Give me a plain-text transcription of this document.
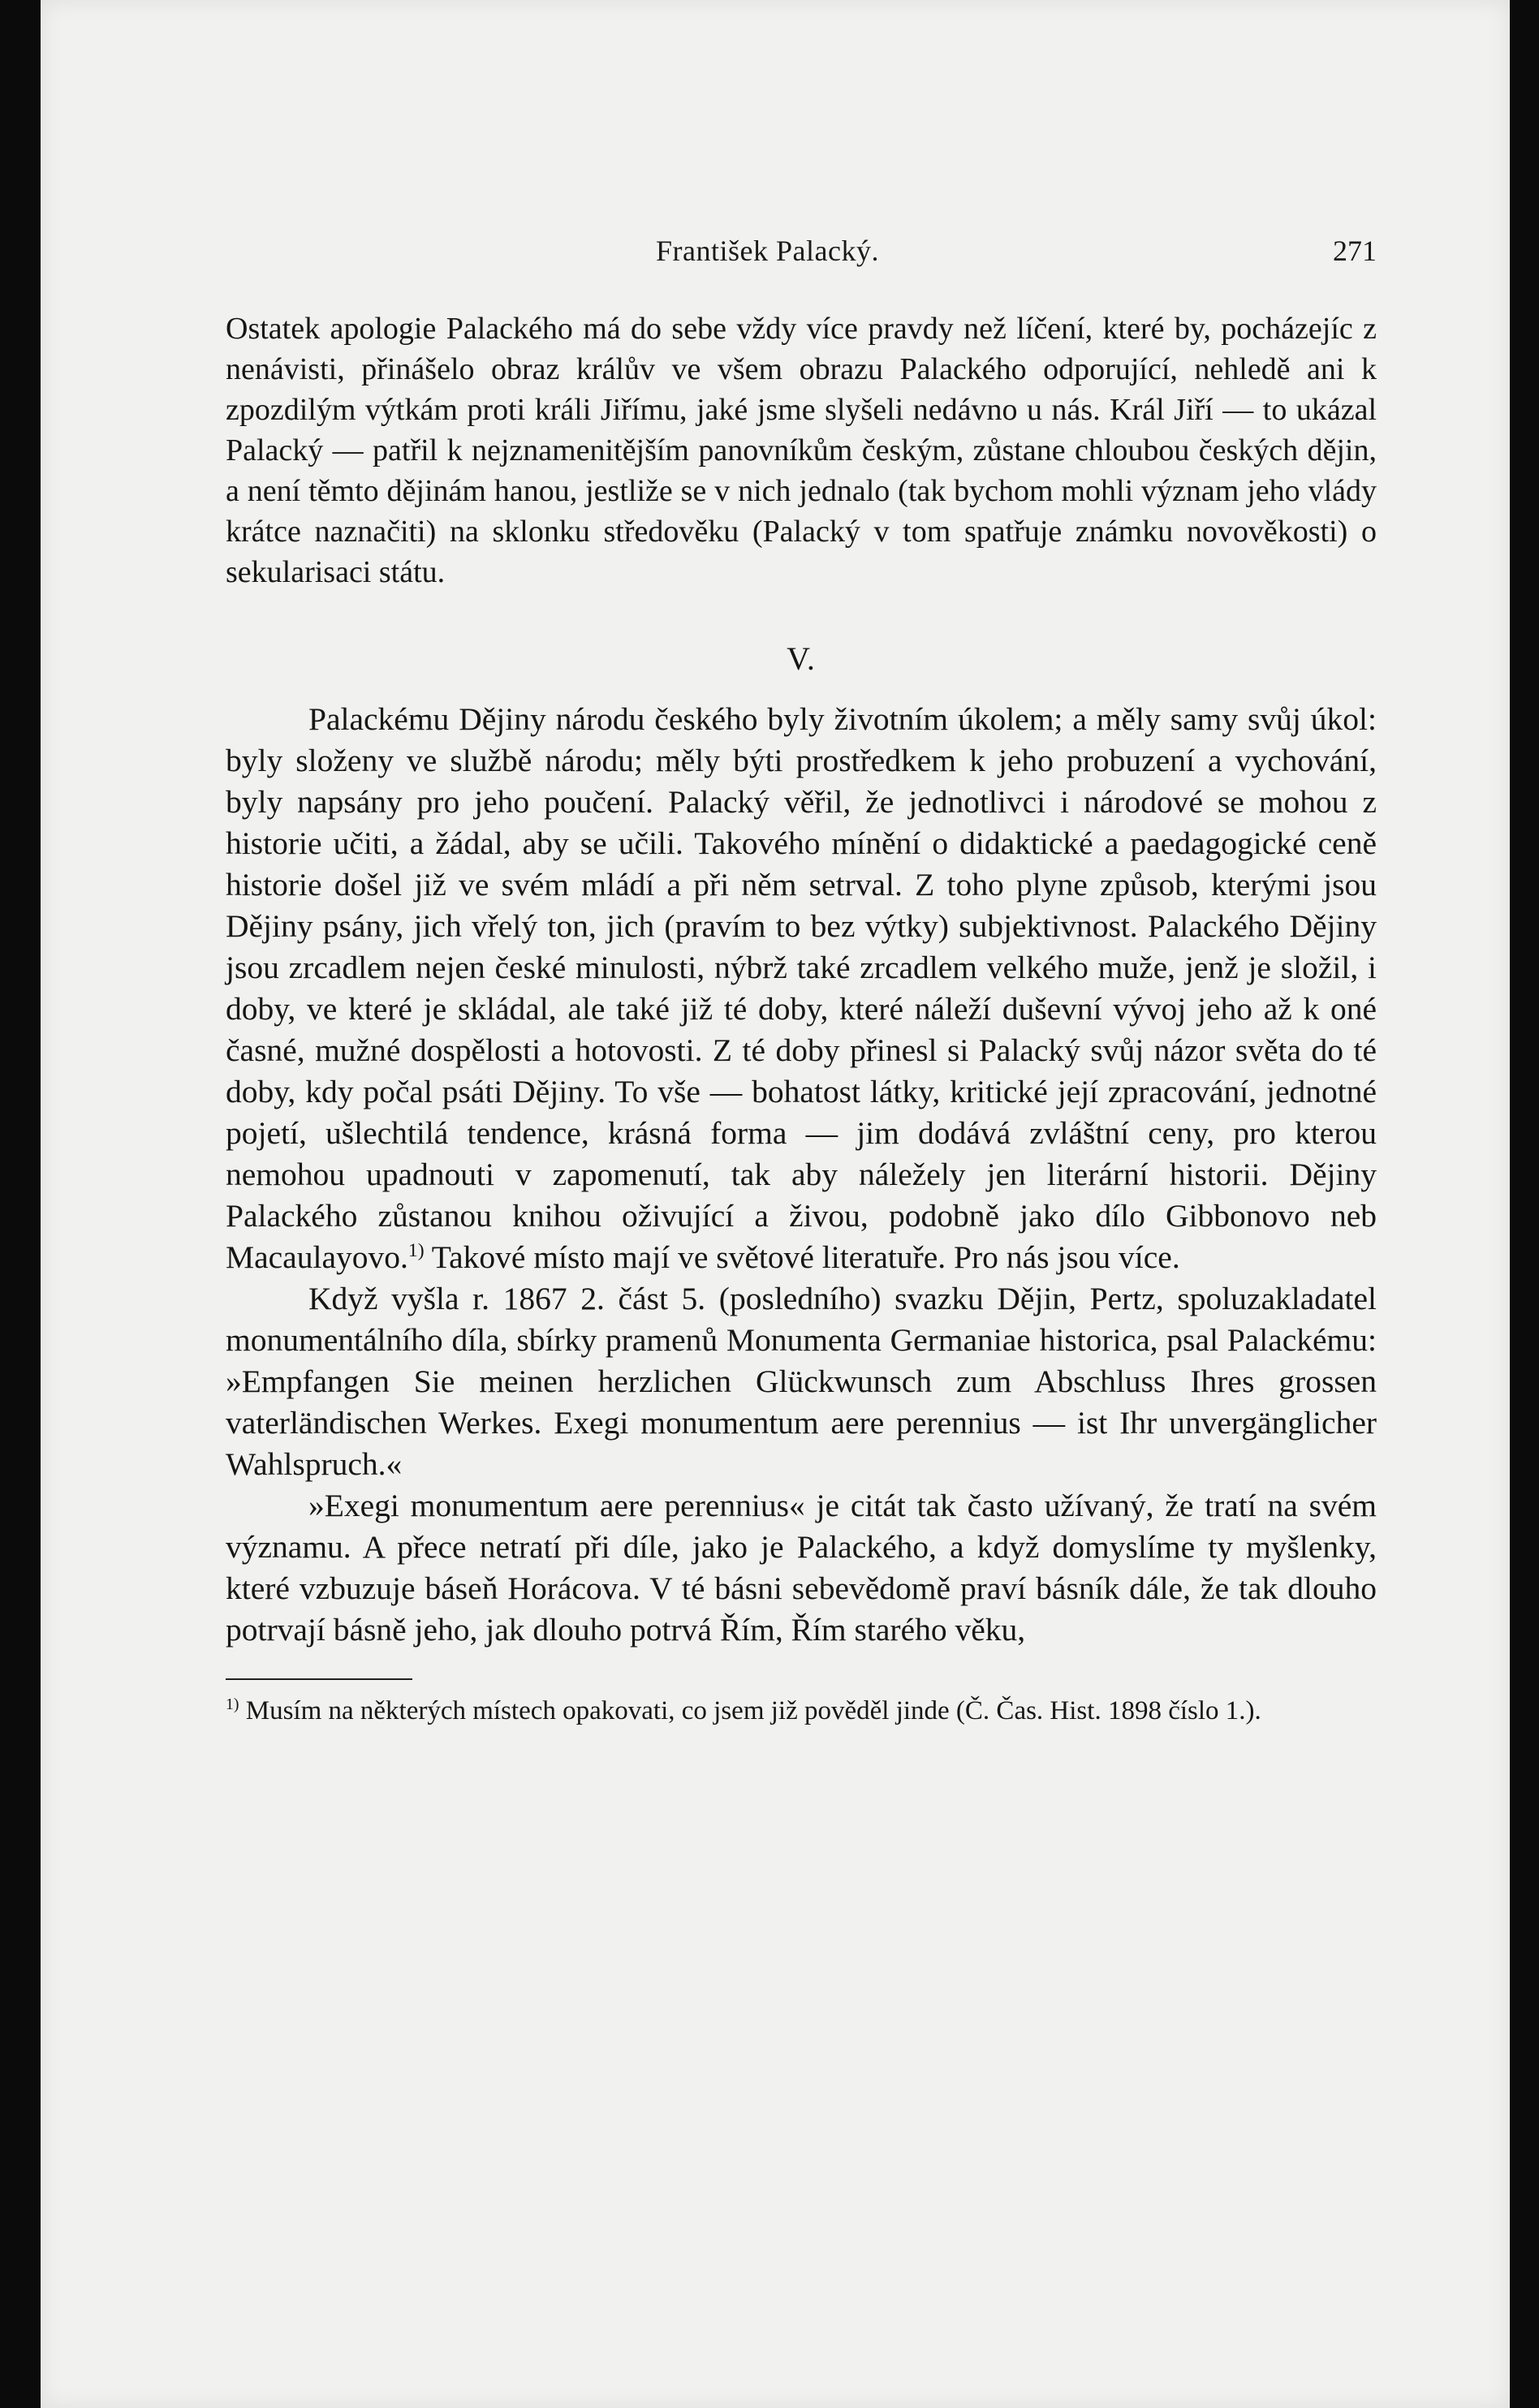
František Palacký.	271

Ostatek apologie Palackého má do sebe vždy více pravdy než líčení, které by, pocházejíc z nenávisti, přinášelo obraz králův ve všem obrazu Palackého odporující, nehledě ani k zpozdilým výtkám proti králi Jiřímu, jaké jsme slyšeli nedávno u nás. Král Jiří — to ukázal Palacký — patřil k nejznamenitějším panovníkům českým, zůstane chloubou českých dějin, a není těmto dějinám hanou, jestliže se v nich jednalo (tak bychom mohli význam jeho vlády krátce naznačiti) na sklonku středověku (Palacký v tom spatřuje známku novověkosti) o sekularisaci státu.

V.

Palackému Dějiny národu českého byly životním úkolem; a měly samy svůj úkol: byly složeny ve službě národu; měly býti prostředkem k jeho probuzení a vychování, byly napsány pro jeho poučení. Palacký věřil, že jednotlivci i národové se mohou z historie učiti, a žádal, aby se učili. Takového mínění o didaktické a paedagogické ceně historie došel již ve svém mládí a při něm setrval. Z toho plyne způsob, kterými jsou Dějiny psány, jich vřelý ton, jich (pravím to bez výtky) subjektivnost. Palackého Dějiny jsou zrcadlem nejen české minulosti, nýbrž také zrcadlem velkého muže, jenž je složil, i doby, ve které je skládal, ale také již té doby, které náleží duševní vývoj jeho až k oné časné, mužné dospělosti a hotovosti. Z té doby přinesl si Palacký svůj názor světa do té doby, kdy počal psáti Dějiny. To vše — bohatost látky, kritické její zpracování, jednotné pojetí, ušlechtilá tendence, krásná forma — jim dodává zvláštní ceny, pro kterou nemohou upadnouti v zapomenutí, tak aby náležely jen literární historii. Dějiny Palackého zůstanou knihou oživující a živou, podobně jako dílo Gibbonovo neb Macaulayovo.$^{1)}$ Takové místo mají ve světové literatuře. Pro nás jsou více.

Když vyšla r. 1867 2. část 5. (posledního) svazku Dějin, Pertz, spoluzakladatel monumentálního díla, sbírky pramenů Monumenta Germaniae historica, psal Palackému: »Empfangen Sie meinen herzlichen Glückwunsch zum Abschluss Ihres grossen vaterländischen Werkes. Exegi monumentum aere perennius — ist Ihr unvergänglicher Wahlspruch.«

»Exegi monumentum aere perennius« je citát tak často užívaný, že tratí na svém významu. A přece netratí při díle, jako je Palackého, a když domyslíme ty myšlenky, které vzbuzuje báseň Horácova. V té básni sebevědomě praví básník dále, že tak dlouho potrvají básně jeho, jak dlouho potrvá Řím, Řím starého věku,

$^{1)}$ Musím na některých místech opakovati, co jsem již pověděl jinde (Č. Čas. Hist. 1898 číslo 1.).
